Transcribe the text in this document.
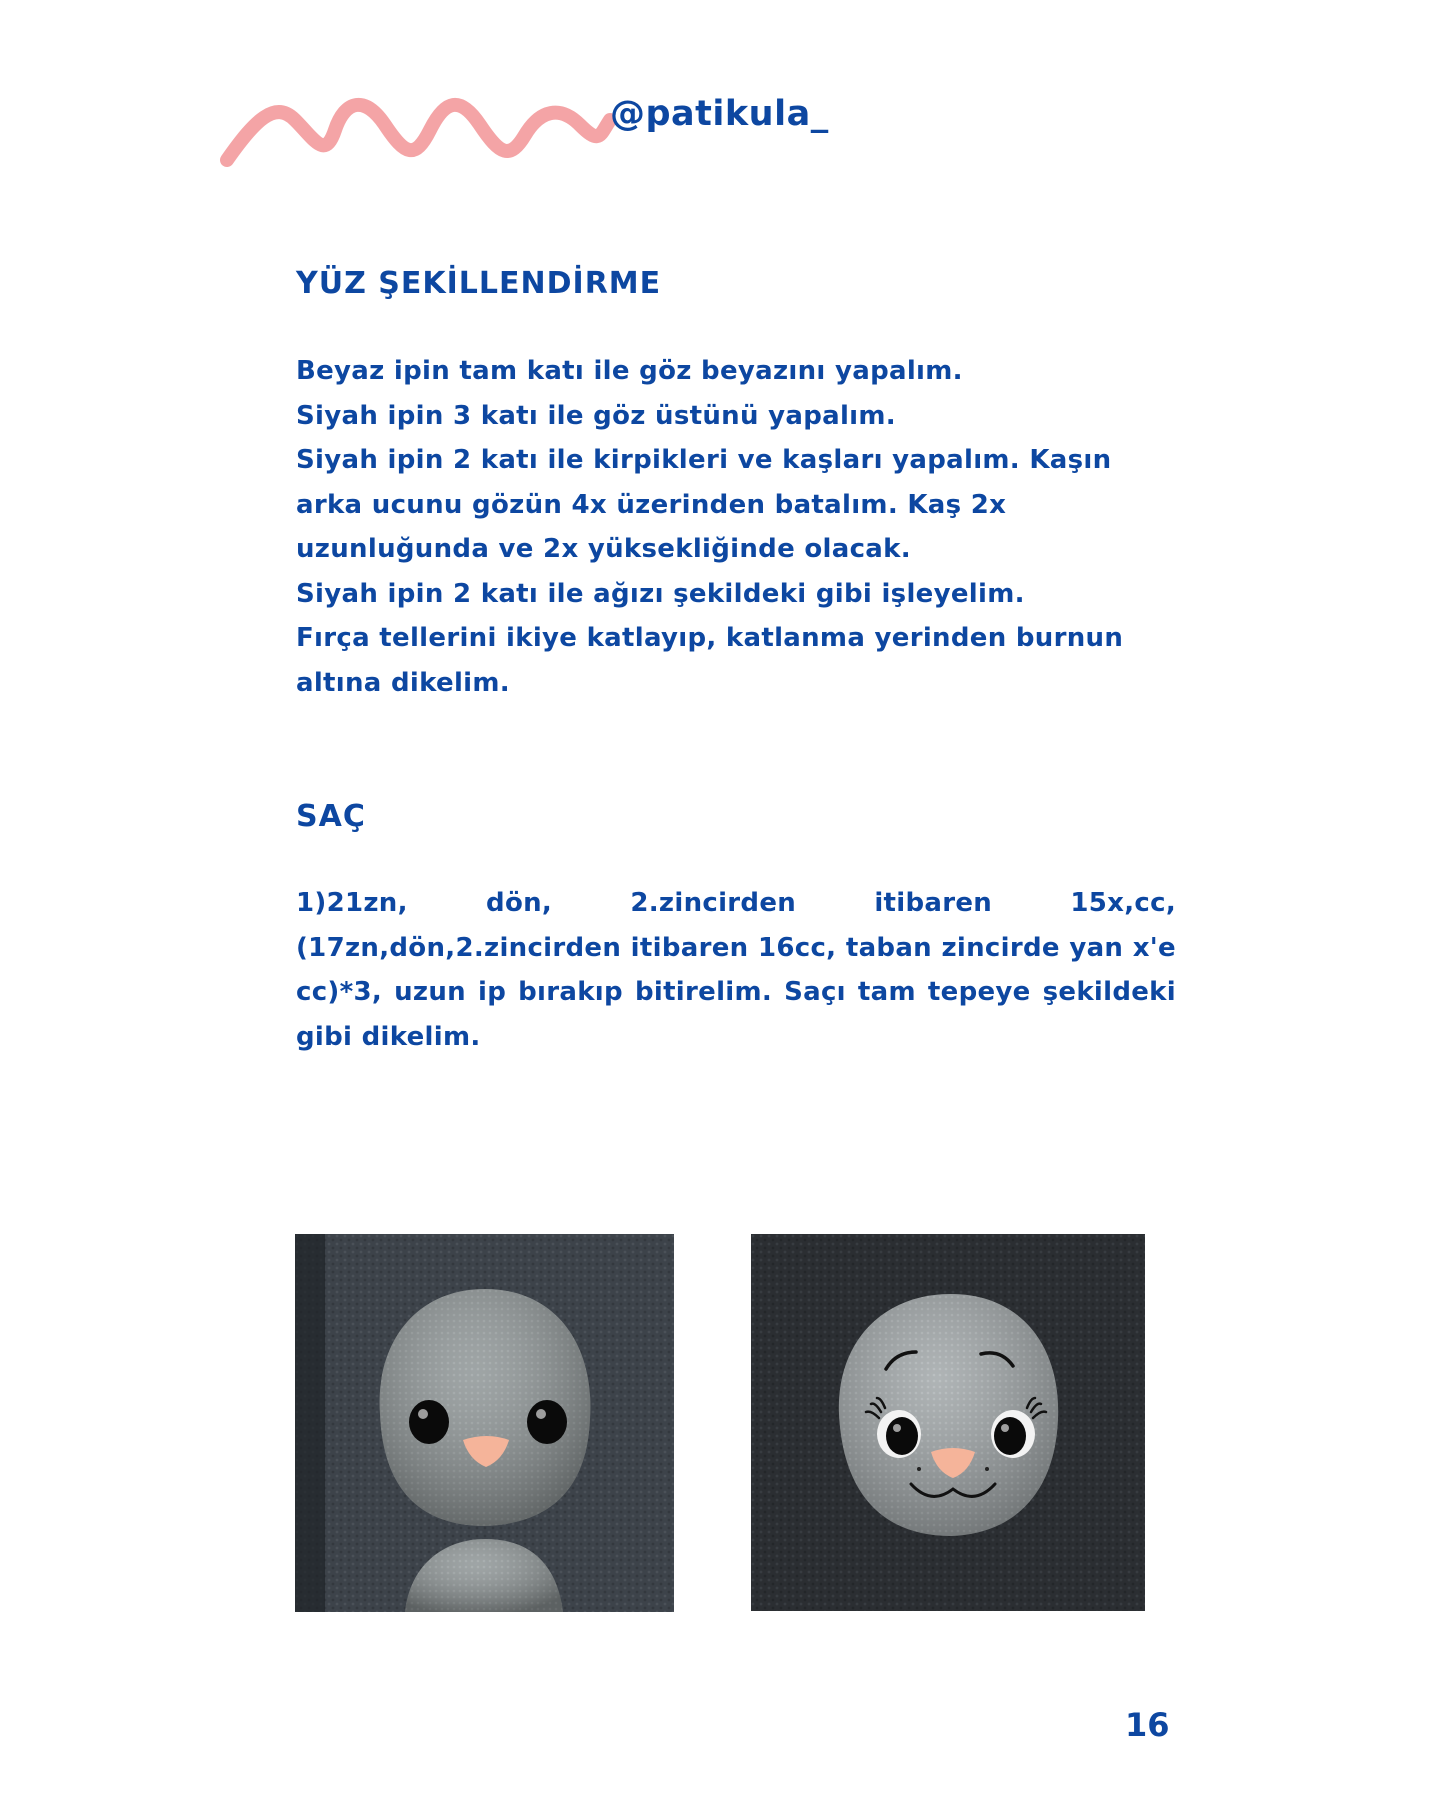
@patikula_
YÜZ ŞEKİLLENDİRME
Beyaz ipin tam katı ile göz beyazını yapalım.
Siyah ipin 3 katı ile göz üstünü yapalım.
Siyah ipin 2 katı ile kirpikleri ve kaşları yapalım. Kaşın arka ucunu gözün 4x üzerinden batalım. Kaş 2x uzunluğunda ve 2x yüksekliğinde olacak.
Siyah ipin 2 katı ile ağızı şekildeki gibi işleyelim.
Fırça tellerini ikiye katlayıp, katlanma yerinden burnun altına dikelim.
SAÇ

1)21zn, dön, 2.zincirden itibaren 15x,cc, (17zn,dön,2.zincirden itibaren 16cc, taban zincirde yan x'e cc)*3, uzun ip bırakıp bitirelim. Saçı tam tepeye şekildeki gibi dikelim.

16
